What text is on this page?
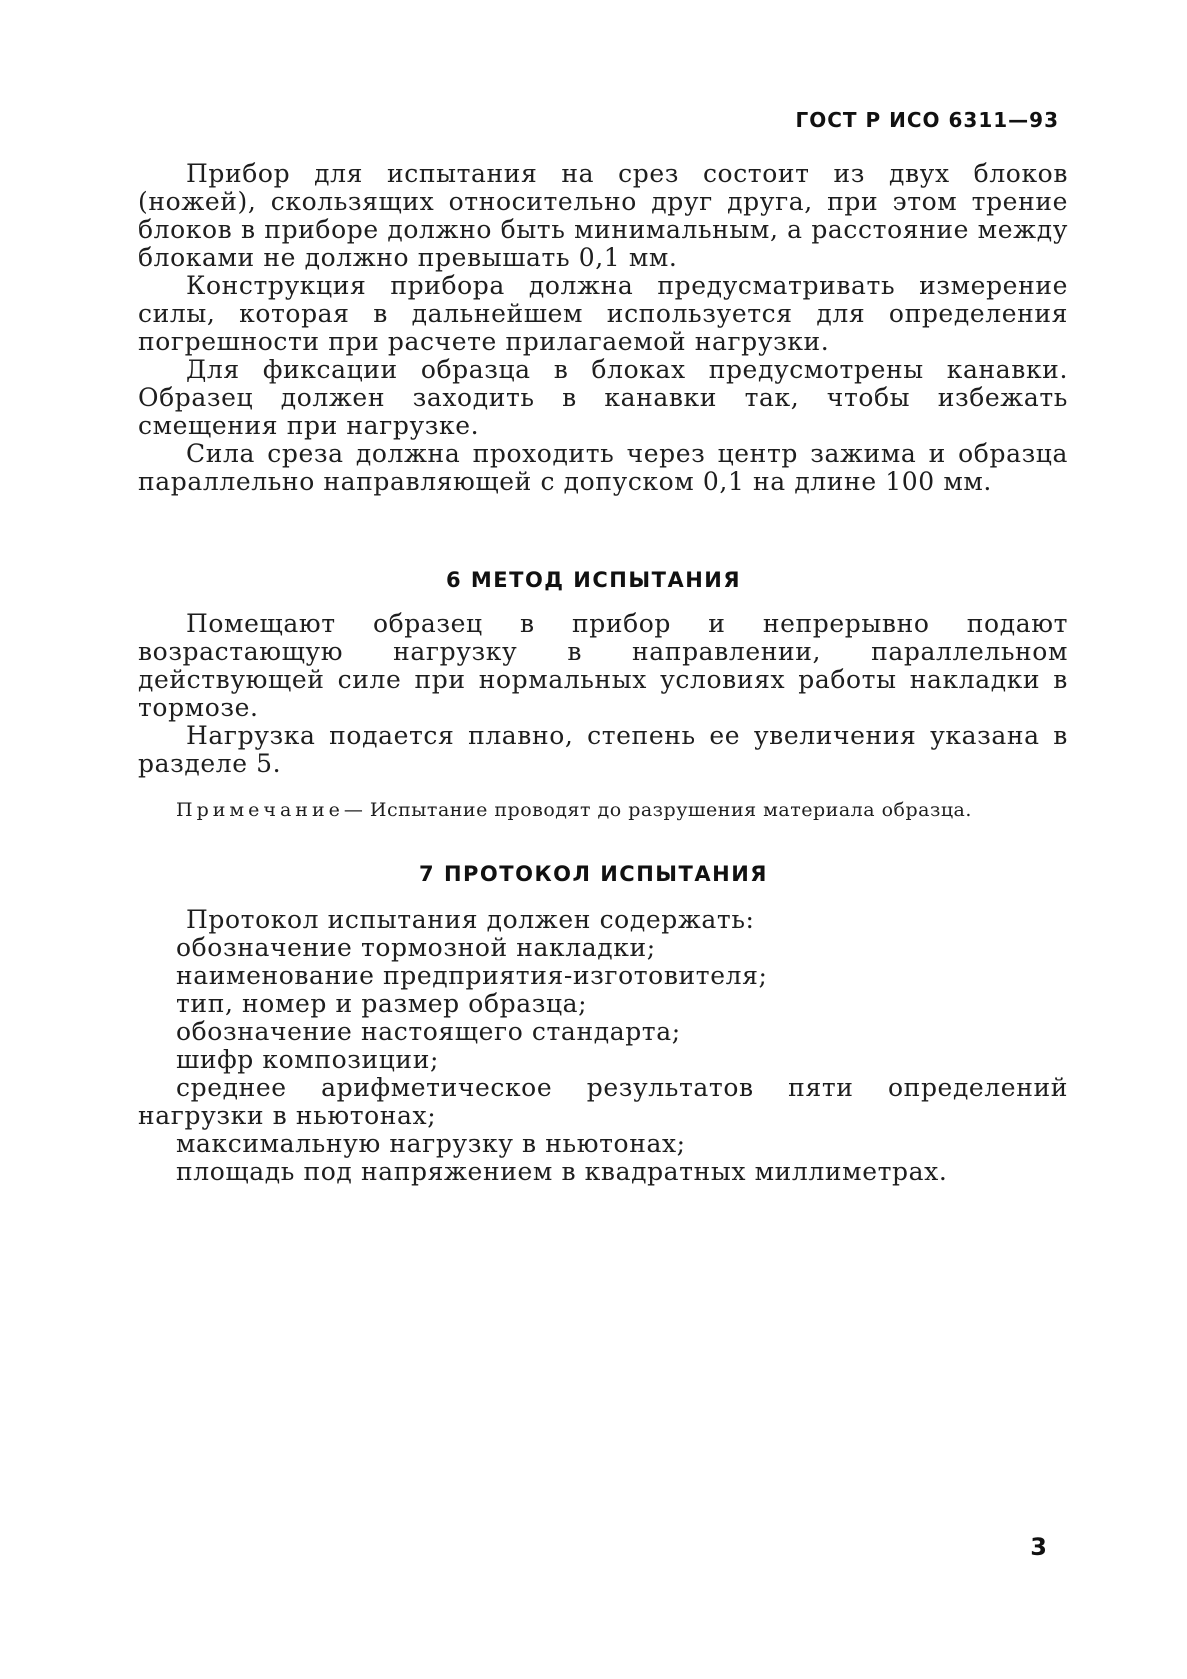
ГОСТ Р ИСО 6311—93

Прибор для испытания на срез состоит из двух блоков (ножей), скользящих относительно друг друга, при этом трение блоков в приборе должно быть минимальным, а расстояние между блоками не должно превышать 0,1 мм.

Конструкция прибора должна предусматривать измерение силы, которая в дальнейшем используется для определения погрешности при расчете прилагаемой нагрузки.

Для фиксации образца в блоках предусмотрены канавки. Образец должен заходить в канавки так, чтобы избежать смещения при нагрузке.

Сила среза должна проходить через центр зажима и образца параллельно направляющей с допуском 0,1 на длине 100 мм.

6 МЕТОД ИСПЫТАНИЯ

Помещают образец в прибор и непрерывно подают возрастающую нагрузку в направлении, параллельном действующей силе при нормальных условиях работы накладки в тормозе.

Нагрузка подается плавно, степень ее увеличения указана в разделе 5.

Примечание— Испытание проводят до разрушения материала образца.

7 ПРОТОКОЛ ИСПЫТАНИЯ

Протокол испытания должен содержать:

обозначение тормозной накладки;
наименование предприятия-изготовителя;
тип, номер и размер образца;
обозначение настоящего стандарта;
шифр композиции;
среднее арифметическое результатов пяти определений нагрузки в ньютонах;
максимальную нагрузку в ньютонах;
площадь под напряжением в квадратных миллиметрах.
3
